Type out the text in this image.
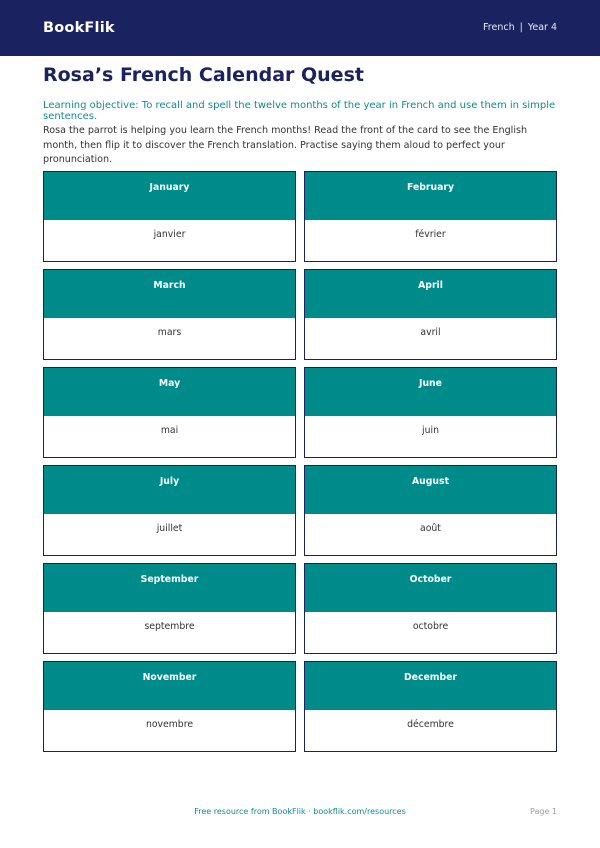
BookFlik	French | Year 4
Rosa’s French Calendar Quest
Learning objective: To recall and spell the twelve months of the year in French and use them in simple sentences.
Rosa the parrot is helping you learn the French months! Read the front of the card to see the English month, then flip it to discover the French translation. Practise saying them aloud to perfect your pronunciation.
January
janvier
February
février
March
mars
April
avril
May
mai
June
juin
July
juillet
August
août
September
septembre
October
octobre
November
novembre
December
décembre
Free resource from BookFlik · bookflik.com/resources	Page 1
